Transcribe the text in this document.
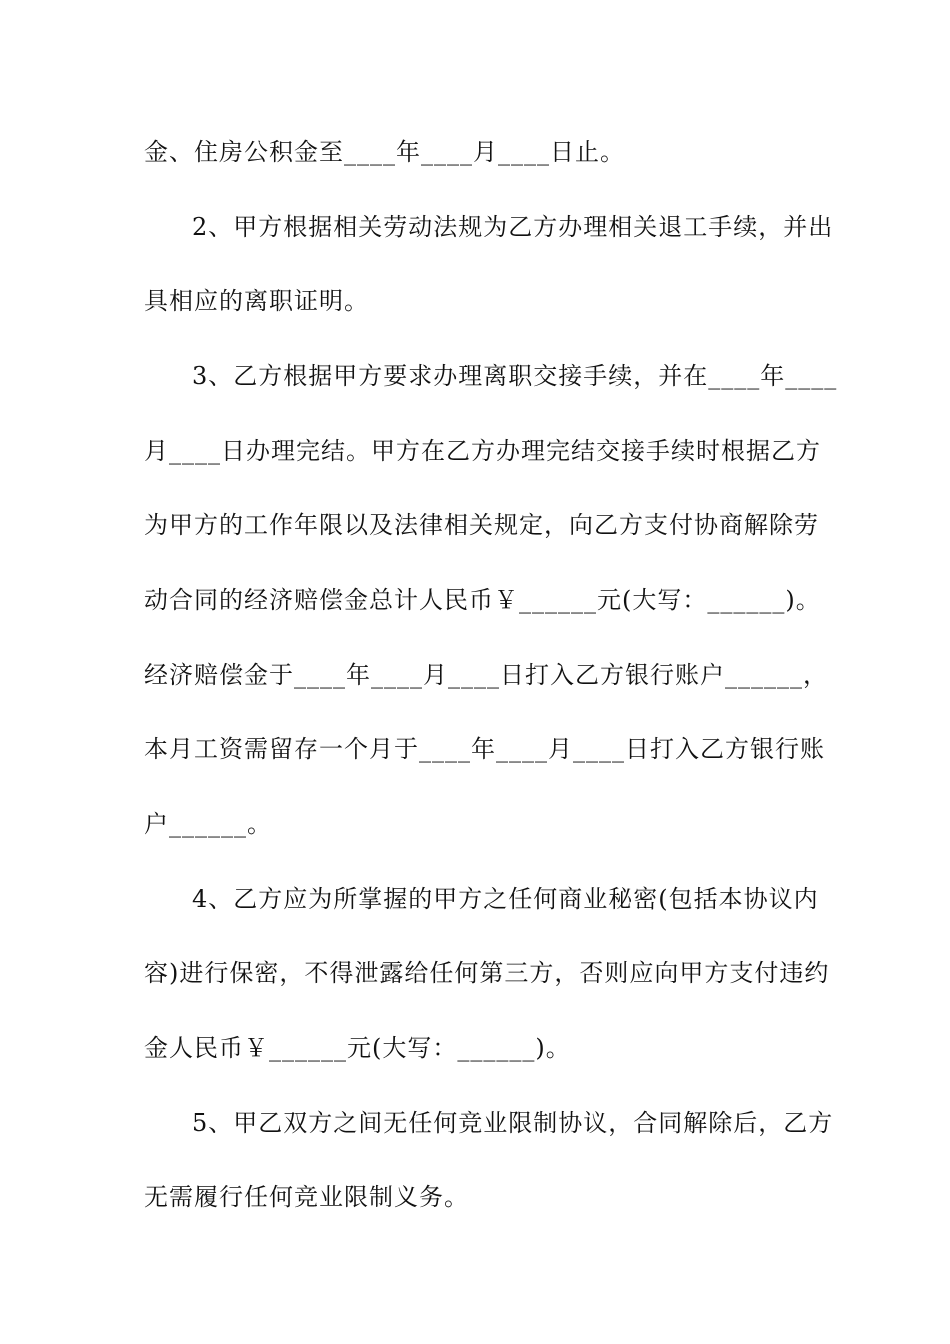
金、住房公积金至____年____月____日止。
2、甲方根据相关劳动法规为乙方办理相关退工手续，并出
具相应的离职证明。
3、乙方根据甲方要求办理离职交接手续，并在____年____
月____日办理完结。甲方在乙方办理完结交接手续时根据乙方
为甲方的工作年限以及法律相关规定，向乙方支付协商解除劳
动合同的经济赔偿金总计人民币￥______元(大写：______)。
经济赔偿金于____年____月____日打入乙方银行账户______，
本月工资需留存一个月于____年____月____日打入乙方银行账
户______。
4、乙方应为所掌握的甲方之任何商业秘密(包括本协议内
容)进行保密，不得泄露给任何第三方，否则应向甲方支付违约
金人民币￥______元(大写：______)。
5、甲乙双方之间无任何竞业限制协议，合同解除后，乙方
无需履行任何竞业限制义务。
